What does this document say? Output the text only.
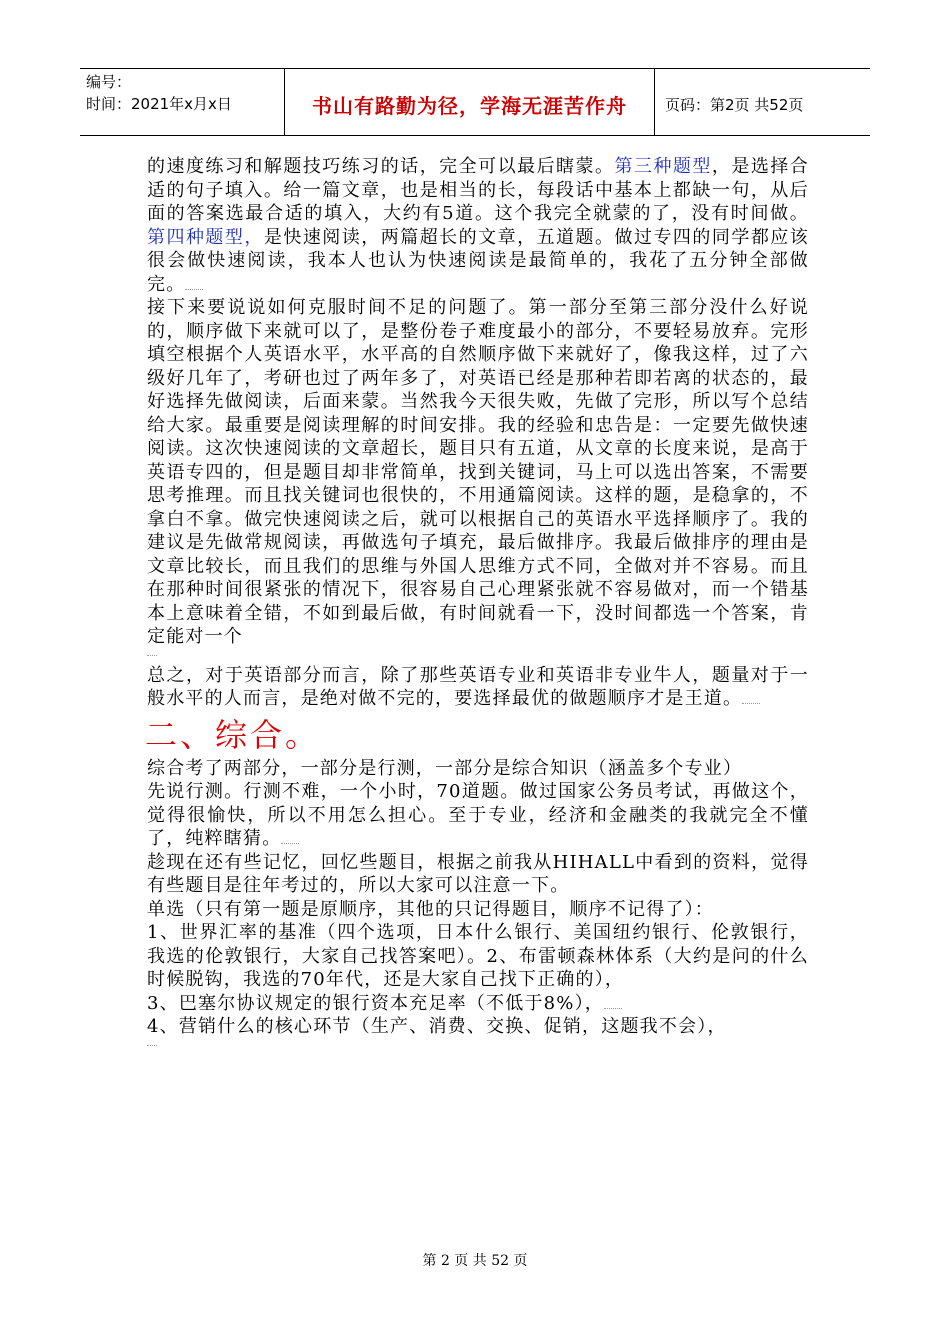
编号：
时间：2021年x月x日	书山有路勤为径，学海无涯苦作舟	页码：第2页 共52页

的速度练习和解题技巧练习的话，完全可以最后瞎蒙。第三种题型，是选择合适的句子填入。给一篇文章，也是相当的长，每段话中基本上都缺一句，从后面的答案选最合适的填入，大约有5道。这个我完全就蒙的了，没有时间做。第四种题型，是快速阅读，两篇超长的文章，五道题。做过专四的同学都应该很会做快速阅读，我本人也认为快速阅读是最简单的，我花了五分钟全部做完。

接下来要说说如何克服时间不足的问题了。第一部分至第三部分没什么好说的，顺序做下来就可以了，是整份卷子难度最小的部分，不要轻易放弃。完形填空根据个人英语水平，水平高的自然顺序做下来就好了，像我这样，过了六级好几年了，考研也过了两年多了，对英语已经是那种若即若离的状态的，最好选择先做阅读，后面来蒙。当然我今天很失败，先做了完形，所以写个总结给大家。最重要是阅读理解的时间安排。我的经验和忠告是：一定要先做快速阅读。这次快速阅读的文章超长，题目只有五道，从文章的长度来说，是高于英语专四的，但是题目却非常简单，找到关键词，马上可以选出答案，不需要思考推理。而且找关键词也很快的，不用通篇阅读。这样的题，是稳拿的，不拿白不拿。做完快速阅读之后，就可以根据自己的英语水平选择顺序了。我的建议是先做常规阅读，再做选句子填充，最后做排序。我最后做排序的理由是文章比较长，而且我们的思维与外国人思维方式不同，全做对并不容易。而且在那种时间很紧张的情况下，很容易自己心理紧张就不容易做对，而一个错基本上意味着全错，不如到最后做，有时间就看一下，没时间都选一个答案，肯定能对一个

总之，对于英语部分而言，除了那些英语专业和英语非专业牛人，题量对于一般水平的人而言，是绝对做不完的，要选择最优的做题顺序才是王道。

二、综合。

综合考了两部分，一部分是行测，一部分是综合知识（涵盖多个专业）

先说行测。行测不难，一个小时，70道题。做过国家公务员考试，再做这个，觉得很愉快，所以不用怎么担心。至于专业，经济和金融类的我就完全不懂了，纯粹瞎猜。

趁现在还有些记忆，回忆些题目，根据之前我从HIHALL中看到的资料，觉得有些题目是往年考过的，所以大家可以注意一下。

单选（只有第一题是原顺序，其他的只记得题目，顺序不记得了）：

1、世界汇率的基准（四个选项，日本什么银行、美国纽约银行、伦敦银行，我选的伦敦银行，大家自己找答案吧）。2、布雷顿森林体系（大约是问的什么时候脱钩，我选的70年代，还是大家自己找下正确的），

3、巴塞尔协议规定的银行资本充足率（不低于8%），

4、营销什么的核心环节（生产、消费、交换、促销，这题我不会），

第 2 页 共 52 页
